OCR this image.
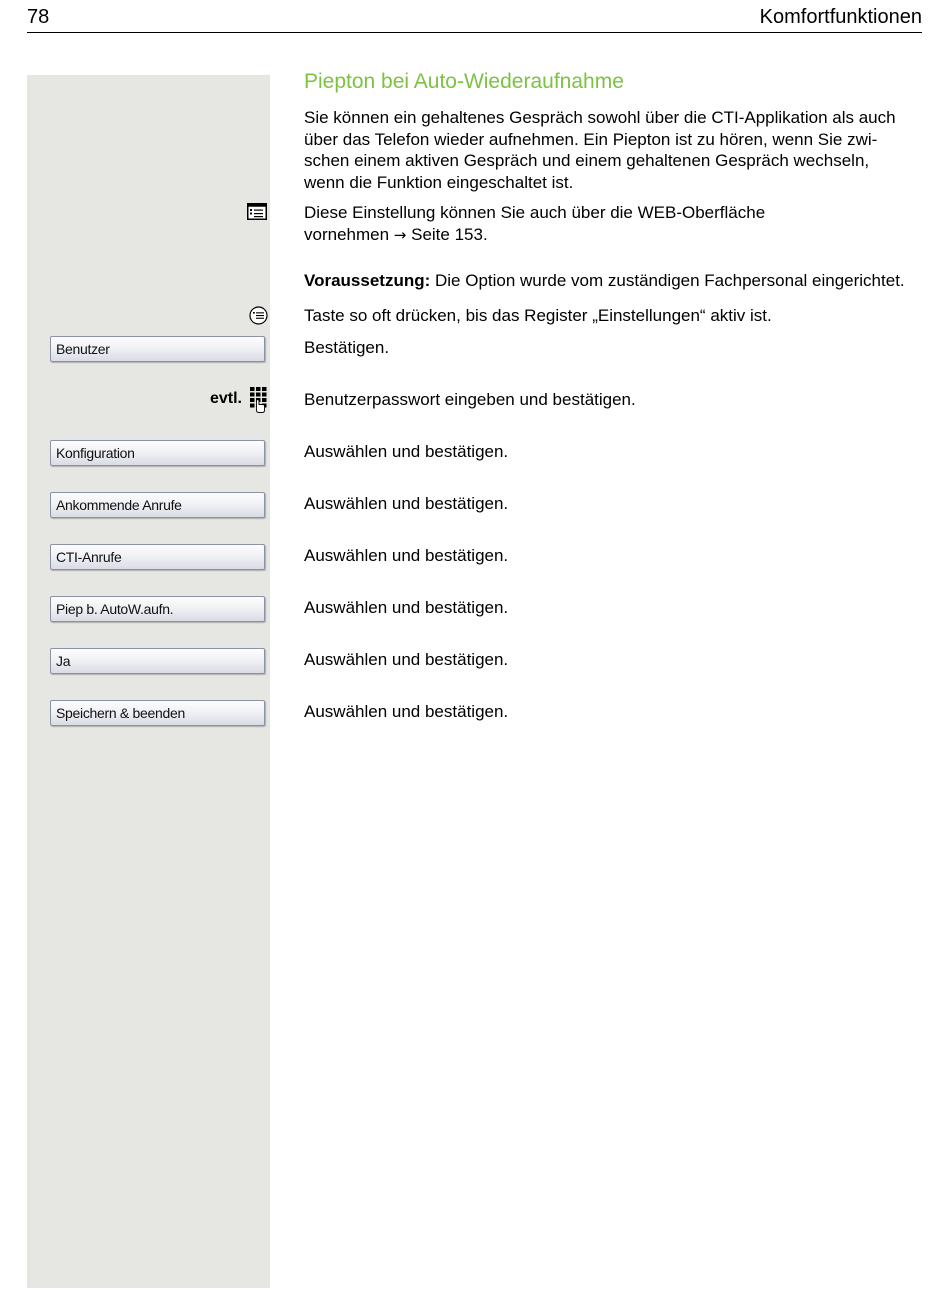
78	Komfortfunktionen
Piepton bei Auto-Wiederaufnahme
Sie können ein gehaltenes Gespräch sowohl über die CTI-Applikation als auch
über das Telefon wieder aufnehmen. Ein Piepton ist zu hören, wenn Sie zwi-
schen einem aktiven Gespräch und einem gehaltenen Gespräch wechseln,
wenn die Funktion eingeschaltet ist.
Diese Einstellung können Sie auch über die WEB-Oberfläche
vornehmen → Seite 153.
Voraussetzung: Die Option wurde vom zuständigen Fachpersonal eingerichtet.
Taste so oft drücken, bis das Register „Einstellungen“ aktiv ist.
Benutzer	Bestätigen.
evtl.	Benutzerpasswort eingeben und bestätigen.
Konfiguration	Auswählen und bestätigen.
Ankommende Anrufe	Auswählen und bestätigen.
CTI-Anrufe	Auswählen und bestätigen.
Piep b. AutoW.aufn.	Auswählen und bestätigen.
Ja	Auswählen und bestätigen.
Speichern & beenden	Auswählen und bestätigen.
